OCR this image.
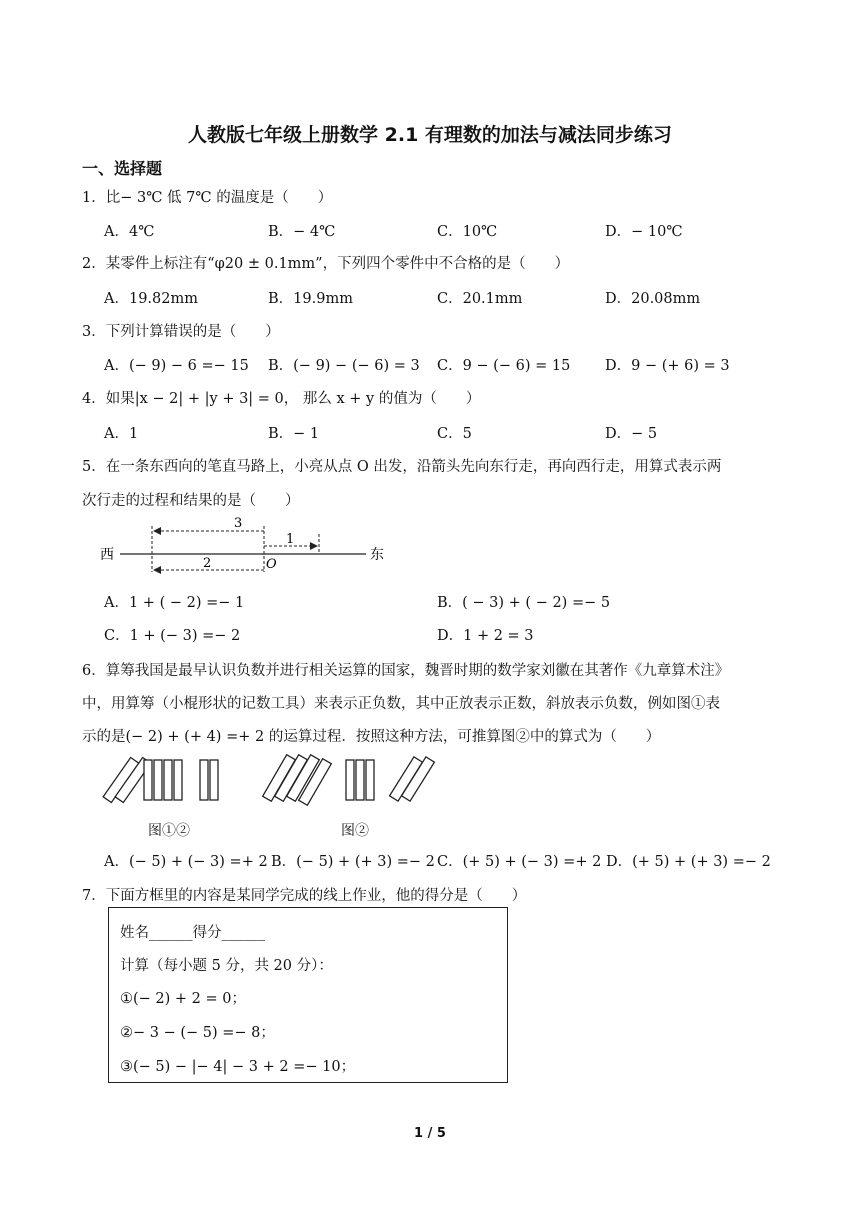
人教版七年级上册数学 2.1 有理数的加法与减法同步练习
一、选择题
1．比− 3℃ 低 7℃ 的温度是（　　）
A．4℃	B．− 4℃	C．10℃	D．− 10℃
2．某零件上标注有“φ20 ± 0.1mm”，下列四个零件中不合格的是（　　）
A．19.82mm	B．19.9mm	C．20.1mm	D．20.08mm
3．下列计算错误的是（　　）
A．(− 9) − 6 =− 15 B．(− 9) − (− 6) = 3 C．9 − (− 6) = 15 D．9 − (+ 6) = 3
4．如果|x − 2| + |y + 3| = 0， 那么 x + y 的值为（　　）
A．1	B．− 1	C．5	D．− 5
5．在一条东西向的笔直马路上，小亮从点 O 出发，沿箭头先向东行走，再向西行走，用算式表示两
次行走的过程和结果的是（　　）
西	东
O
3
1
2
A．1 + ( − 2) =− 1	B．( − 3) + ( − 2) =− 5
C．1 + (− 3) =− 2	D．1 + 2 = 3
6．算筹我国是最早认识负数并进行相关运算的国家，魏晋时期的数学家刘徽在其著作《九章算术注》
中，用算筹（小棍形状的记数工具）来表示正负数，其中正放表示正数，斜放表示负数，例如图①表
示的是(− 2) + (+ 4) =+ 2 的运算过程．按照这种方法，可推算图②中的算式为（　　）
图①②	图②
A．(− 5) + (− 3) =+ 2 B．(− 5) + (+ 3) =− 2 C．(+ 5) + (− 3) =+ 2 D．(+ 5) + (+ 3) =− 2
7．下面方框里的内容是某同学完成的线上作业，他的得分是（　　）
姓名______得分______
计算（每小题 5 分，共 20 分）：
①(− 2) + 2 = 0；
②− 3 − (− 5) =− 8；
③(− 5) − |− 4| − 3 + 2 =− 10；
1 / 5
